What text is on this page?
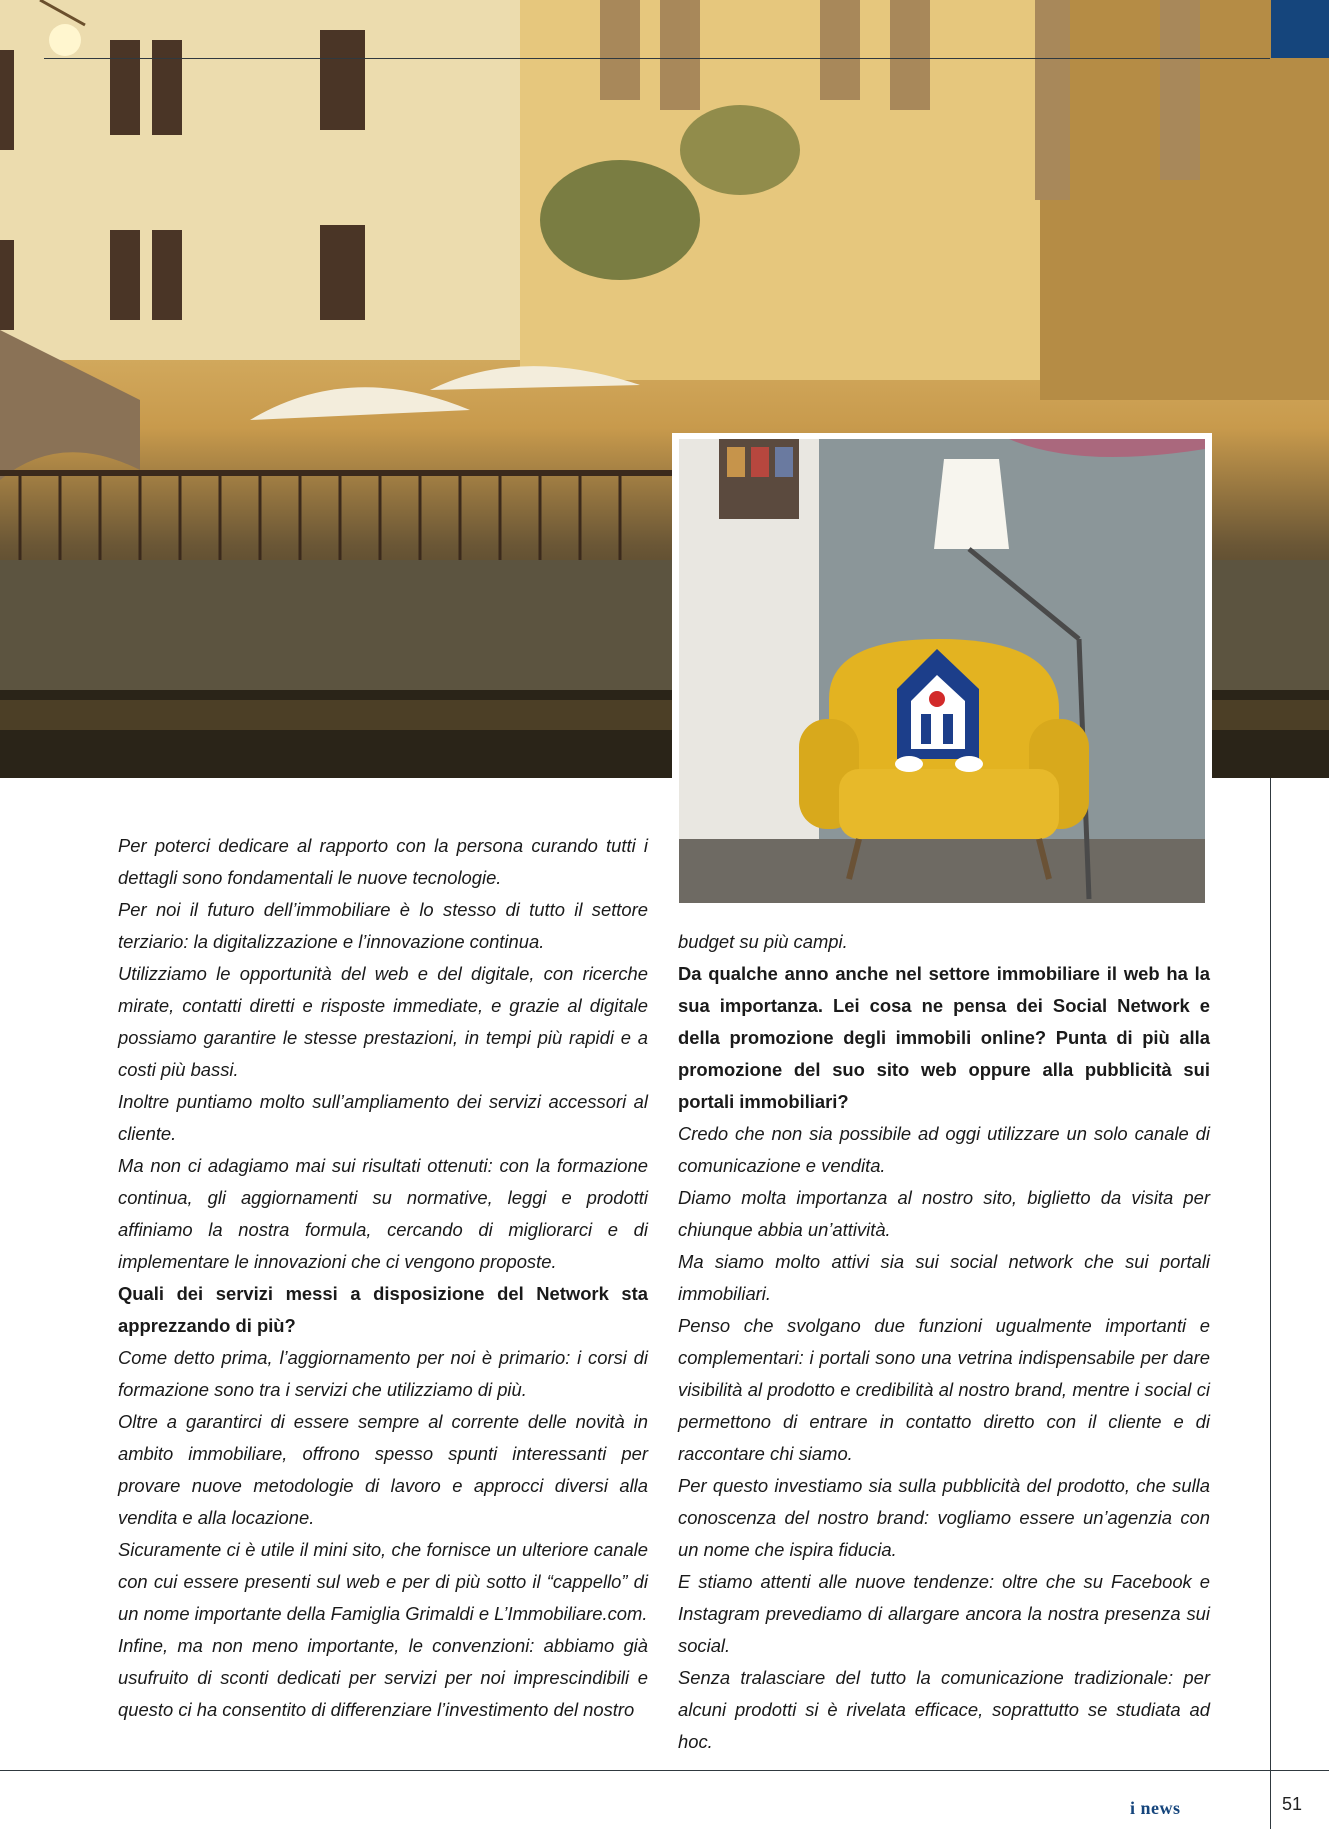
Per poterci dedicare al rapporto con la persona curando tutti i dettagli sono fondamentali le nuove tecnologie.

Per noi il futuro dell’immobiliare è lo stesso di tutto il settore terziario: la digitalizzazione e l’innovazione continua.

Utilizziamo le opportunità del web e del digitale, con ricerche mirate, contatti diretti e risposte immediate, e grazie al digitale possiamo garantire le stesse prestazioni, in tempi più rapidi e a costi più bassi.

Inoltre puntiamo molto sull’ampliamento dei servizi accessori al cliente.

Ma non ci adagiamo mai sui risultati ottenuti: con la formazione continua, gli aggiornamenti su normative, leggi e prodotti affiniamo la nostra formula, cercando di migliorarci e di implementare le innovazioni che ci vengono proposte.

Quali dei servizi messi a disposizione del Network sta apprezzando di più?

Come detto prima, l’aggiornamento per noi è primario: i corsi di formazione sono tra i servizi che utilizziamo di più.

Oltre a garantirci di essere sempre al corrente delle novità in ambito immobiliare, offrono spesso spunti interessanti per provare nuove metodologie di lavoro e approcci diversi alla vendita e alla locazione.

Sicuramente ci è utile il mini sito, che fornisce un ulteriore canale con cui essere presenti sul web e per di più sotto il “cappello” di un nome importante della Famiglia Grimaldi e L’Immobiliare.com.

Infine, ma non meno importante, le convenzioni: abbiamo già usufruito di sconti dedicati per servizi per noi imprescindibili e questo ci ha consentito di differenziare l’investimento del nostro

budget su più campi.

Da qualche anno anche nel settore immobiliare il web ha la sua importanza. Lei cosa ne pensa dei Social Network e della promozione degli immobili online? Punta di più alla promozione del suo sito web oppure alla pubblicità sui portali immobiliari?

Credo che non sia possibile ad oggi utilizzare un solo canale di comunicazione e vendita.

Diamo molta importanza al nostro sito, biglietto da visita per chiunque abbia un’attività.

Ma siamo molto attivi sia sui social network che sui portali immobiliari.

Penso che svolgano due funzioni ugualmente importanti e complementari: i portali sono una vetrina indispensabile per dare visibilità al prodotto e credibilità al nostro brand, mentre i social ci permettono di entrare in contatto diretto con il cliente e di raccontare chi siamo.

Per questo investiamo sia sulla pubblicità del prodotto, che sulla conoscenza del nostro brand: vogliamo essere un’agenzia con un nome che ispira fiducia.

E stiamo attenti alle nuove tendenze: oltre che su Facebook e Instagram prevediamo di allargare ancora la nostra presenza sui social.

Senza tralasciare del tutto la comunicazione tradizionale: per alcuni prodotti si è rivelata efficace, soprattutto se studiata ad hoc.

i news	51
